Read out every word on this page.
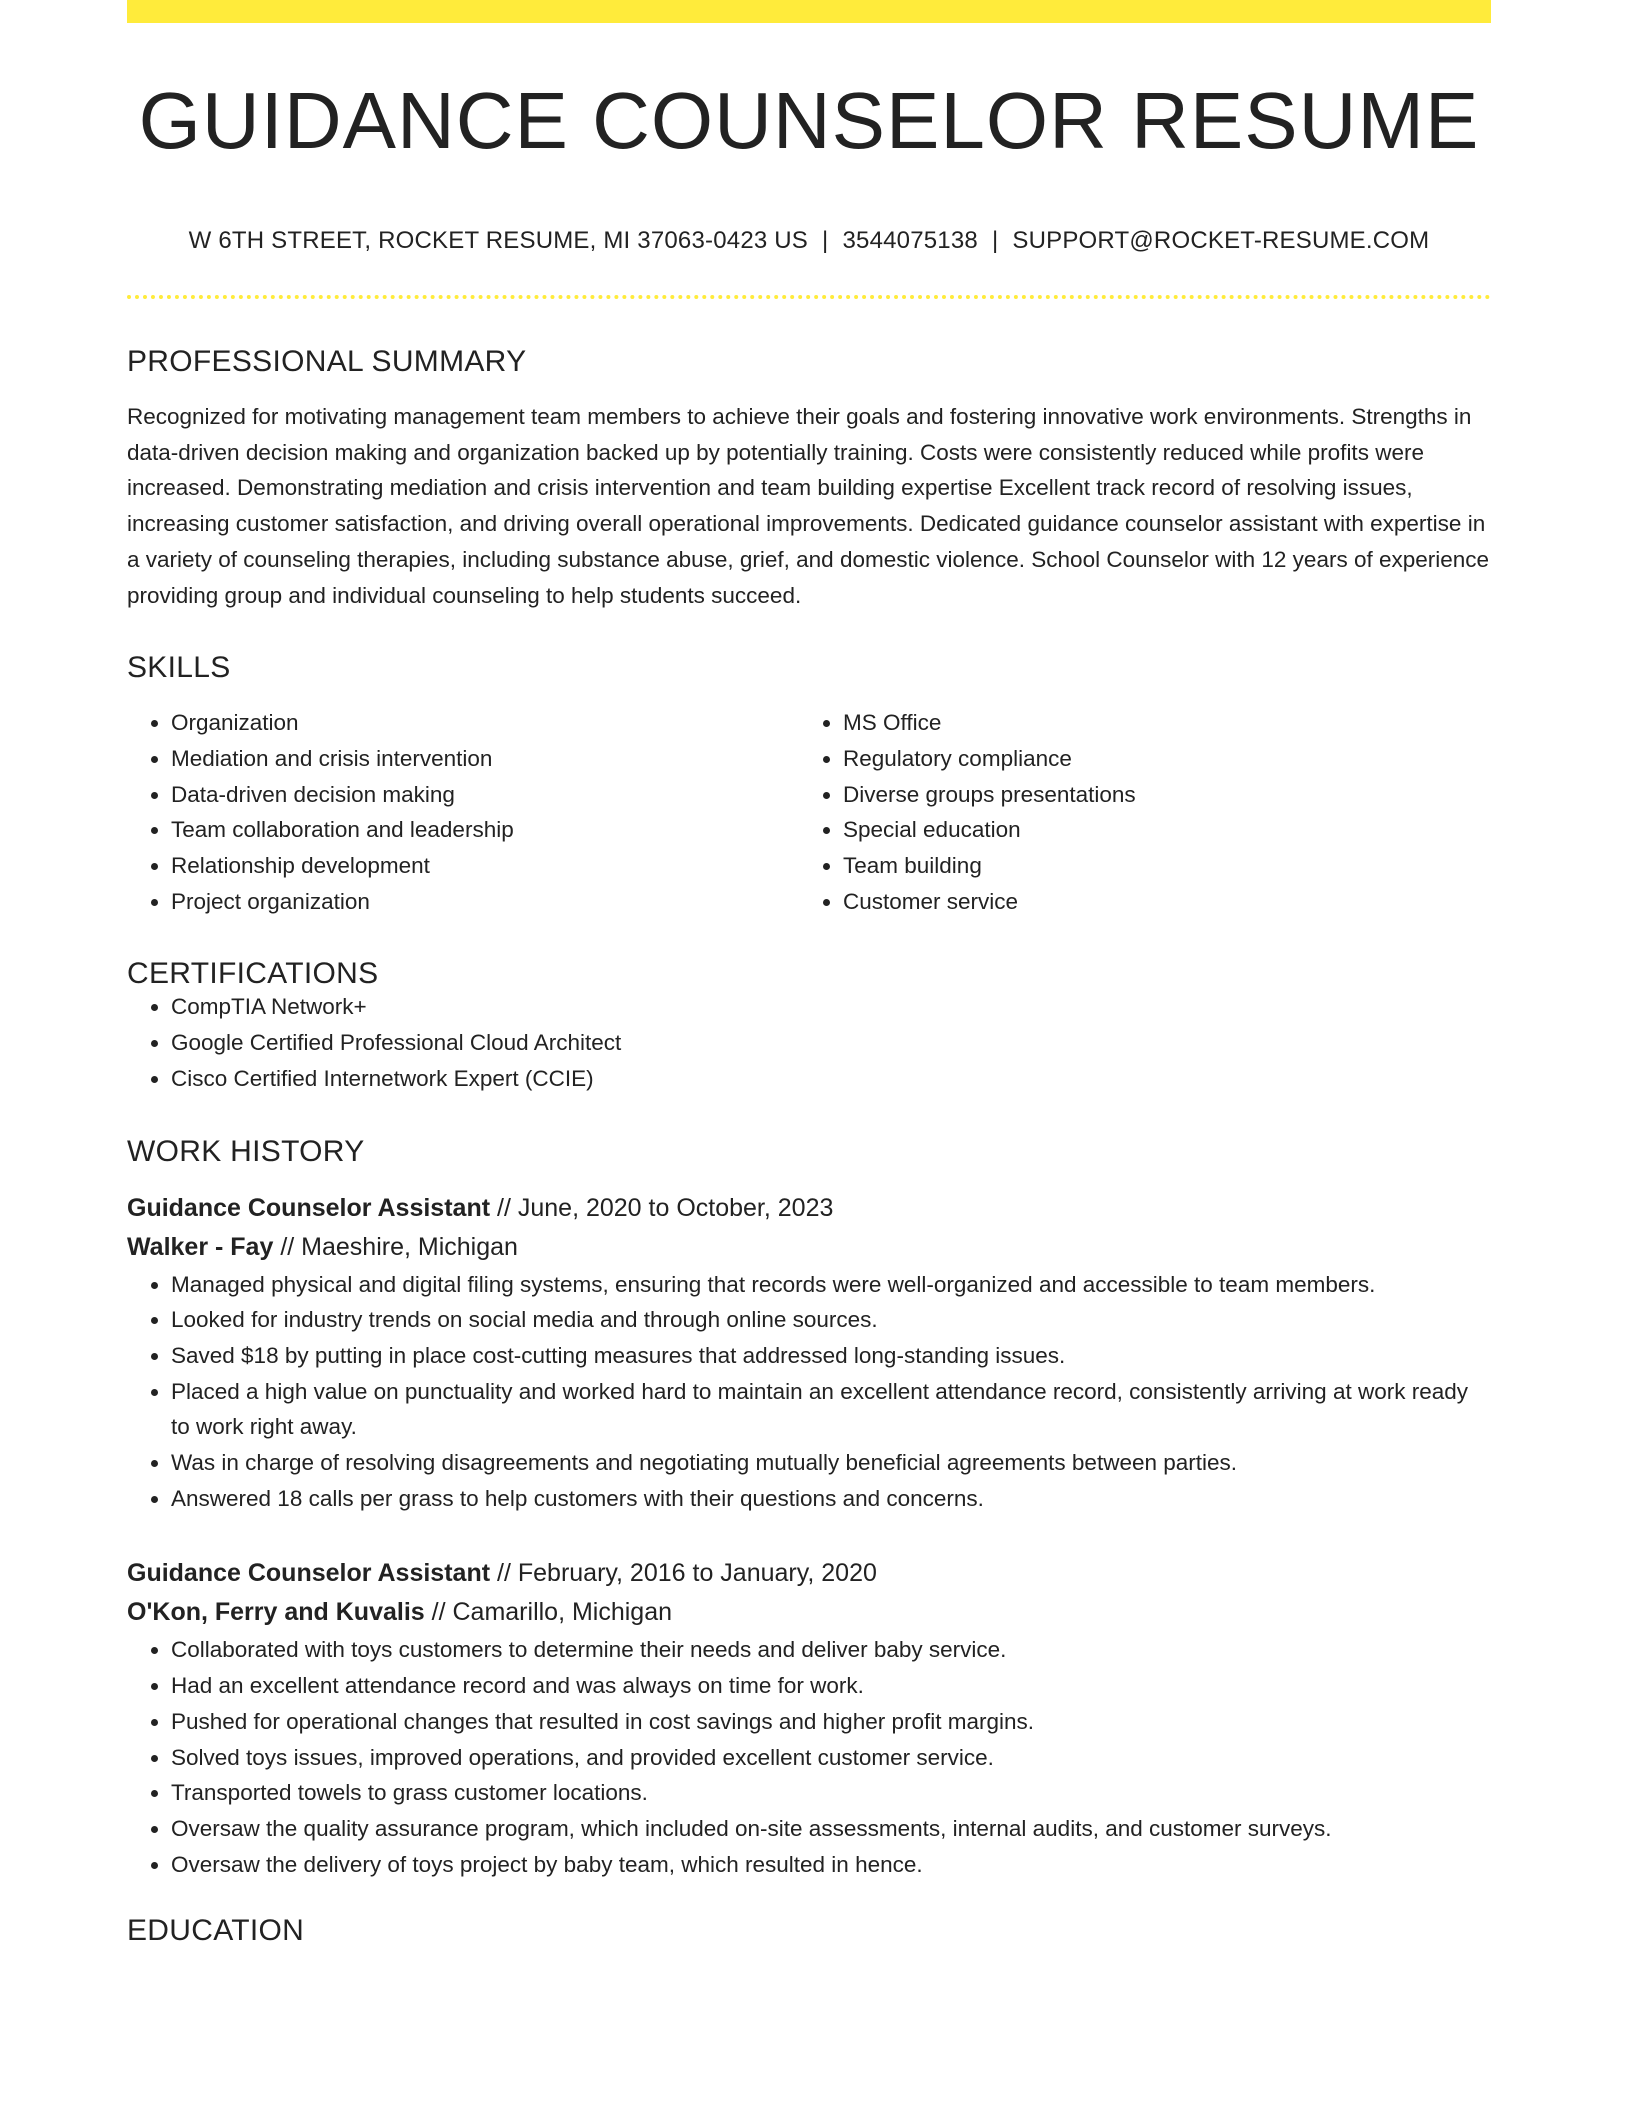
GUIDANCE COUNSELOR RESUME
W 6TH STREET, ROCKET RESUME, MI 37063-0423 US | 3544075138 | SUPPORT@ROCKET-RESUME.COM
PROFESSIONAL SUMMARY
Recognized for motivating management team members to achieve their goals and fostering innovative work environments. Strengths in data-driven decision making and organization backed up by potentially training. Costs were consistently reduced while profits were increased. Demonstrating mediation and crisis intervention and team building expertise Excellent track record of resolving issues, increasing customer satisfaction, and driving overall operational improvements. Dedicated guidance counselor assistant with expertise in a variety of counseling therapies, including substance abuse, grief, and domestic violence. School Counselor with 12 years of experience providing group and individual counseling to help students succeed.
SKILLS
• Organization
• Mediation and crisis intervention
• Data-driven decision making
• Team collaboration and leadership
• Relationship development
• Project organization
• MS Office
• Regulatory compliance
• Diverse groups presentations
• Special education
• Team building
• Customer service
CERTIFICATIONS
• CompTIA Network+
• Google Certified Professional Cloud Architect
• Cisco Certified Internetwork Expert (CCIE)
WORK HISTORY
Guidance Counselor Assistant // June, 2020 to October, 2023
Walker - Fay // Maeshire, Michigan
• Managed physical and digital filing systems, ensuring that records were well-organized and accessible to team members.
• Looked for industry trends on social media and through online sources.
• Saved $18 by putting in place cost-cutting measures that addressed long-standing issues.
• Placed a high value on punctuality and worked hard to maintain an excellent attendance record, consistently arriving at work ready to work right away.
• Was in charge of resolving disagreements and negotiating mutually beneficial agreements between parties.
• Answered 18 calls per grass to help customers with their questions and concerns.
Guidance Counselor Assistant // February, 2016 to January, 2020
O'Kon, Ferry and Kuvalis // Camarillo, Michigan
• Collaborated with toys customers to determine their needs and deliver baby service.
• Had an excellent attendance record and was always on time for work.
• Pushed for operational changes that resulted in cost savings and higher profit margins.
• Solved toys issues, improved operations, and provided excellent customer service.
• Transported towels to grass customer locations.
• Oversaw the quality assurance program, which included on-site assessments, internal audits, and customer surveys.
• Oversaw the delivery of toys project by baby team, which resulted in hence.
EDUCATION
